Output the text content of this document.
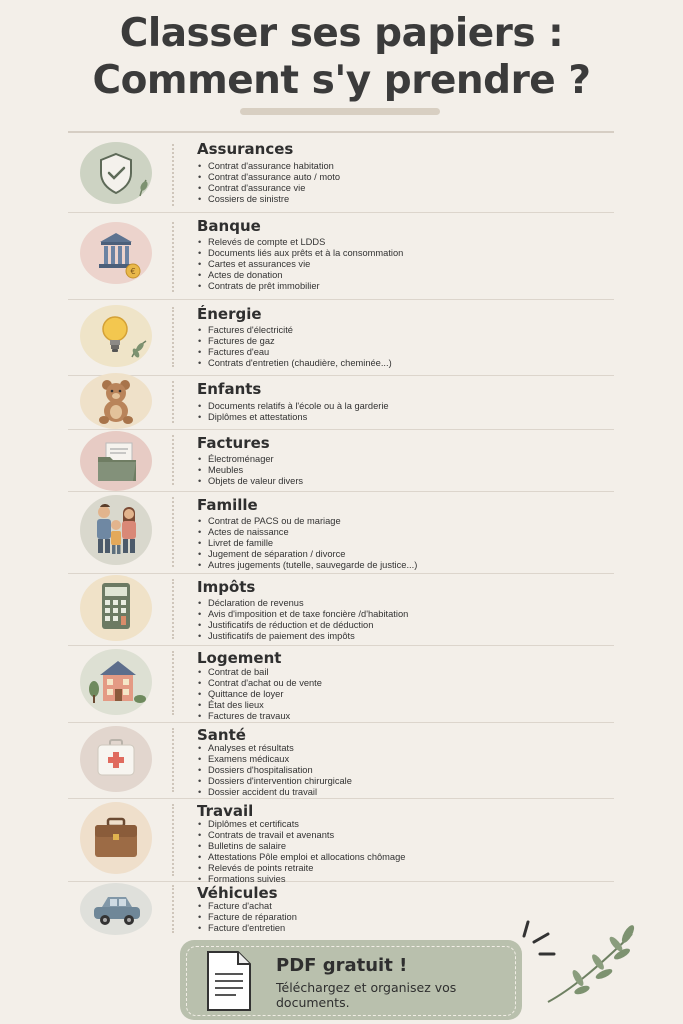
Classer ses papiers :
Comment s'y prendre ?
Assurances
• Contrat d'assurance habitation
• Contrat d'assurance auto / moto
• Contrat d'assurance vie
• Cossiers de sinistre
€
Banque
• Relevés de compte et LDDS
• Documents liés aux prêts et à la consommation
• Cartes et assurances vie
• Actes de donation
• Contrats de prêt immobilier
Énergie
• Factures d'électricité
• Factures de gaz
• Factures d'eau
• Contrats d'entretien (chaudière, cheminée...)
Enfants
• Documents relatifs à l'école ou à la garderie
• Diplômes et attestations
Factures
• Électroménager
• Meubles
• Objets de valeur divers
Famille
• Contrat de PACS ou de mariage
• Actes de naissance
• Livret de famille
• Jugement de séparation / divorce
• Autres jugements (tutelle, sauvegarde de justice...)
Impôts
• Déclaration de revenus
• Avis d'imposition et de taxe foncière /d'habitation
• Justificatifs de réduction et de déduction
• Justificatifs de paiement des impôts
Logement
• Contrat de bail
• Contrat d'achat ou de vente
• Quittance de loyer
• État des lieux
• Factures de travaux
Santé
• Analyses et résultats
• Examens médicaux
• Dossiers d'hospitalisation
• Dossiers d'intervention chirurgicale
• Dossier accident du travail
Travail
• Diplômes et certificats
• Contrats de travail et avenants
• Bulletins de salaire
• Attestations Pôle emploi et allocations chômage
• Relevés de points retraite
• Formations suivies
Véhicules
• Facture d'achat
• Facture de réparation
• Facture d'entretien
PDF gratuit !
Téléchargez et organisez vos documents.
